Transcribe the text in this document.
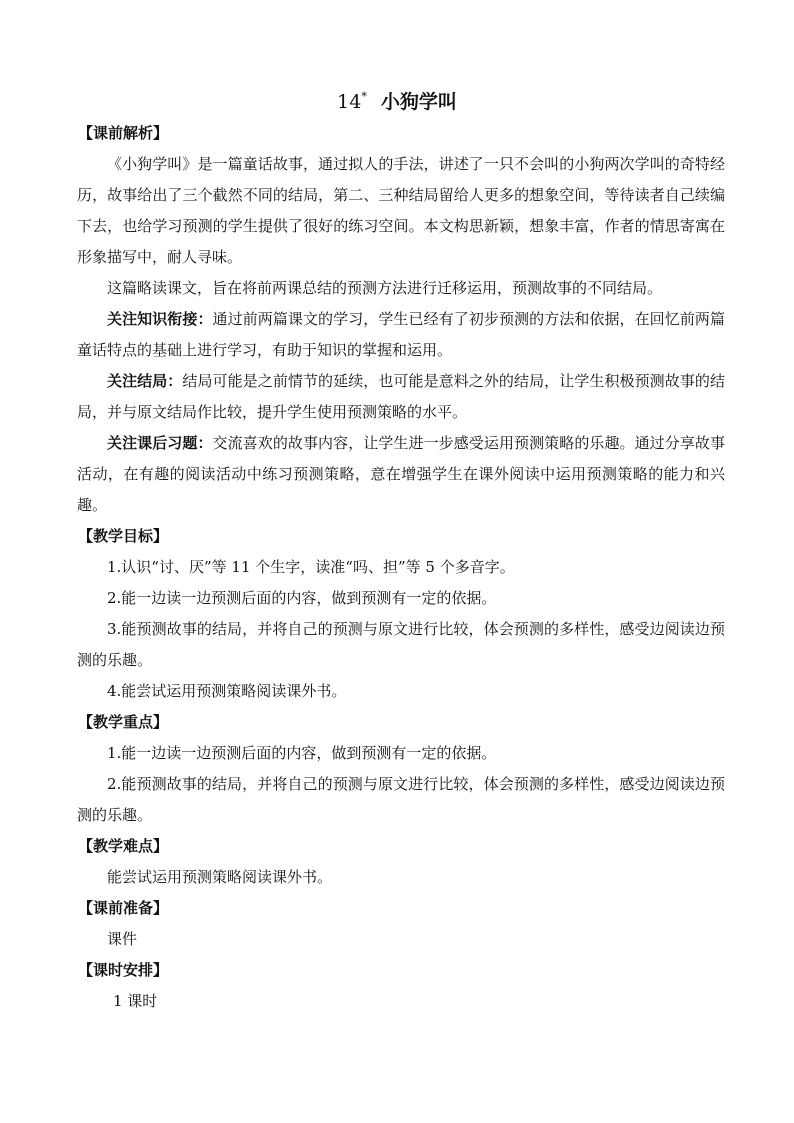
14* 小狗学叫

【课前解析】

《小狗学叫》是一篇童话故事，通过拟人的手法，讲述了一只不会叫的小狗两次学叫的奇特经历，故事给出了三个截然不同的结局，第二、三种结局留给人更多的想象空间，等待读者自己续编下去，也给学习预测的学生提供了很好的练习空间。本文构思新颖，想象丰富，作者的情思寄寓在形象描写中，耐人寻味。

这篇略读课文，旨在将前两课总结的预测方法进行迁移运用，预测故事的不同结局。

关注知识衔接：通过前两篇课文的学习，学生已经有了初步预测的方法和依据，在回忆前两篇童话特点的基础上进行学习，有助于知识的掌握和运用。

关注结局：结局可能是之前情节的延续，也可能是意料之外的结局，让学生积极预测故事的结局，并与原文结局作比较，提升学生使用预测策略的水平。

关注课后习题：交流喜欢的故事内容，让学生进一步感受运用预测策略的乐趣。通过分享故事活动，在有趣的阅读活动中练习预测策略，意在增强学生在课外阅读中运用预测策略的能力和兴趣。

【教学目标】

1.认识“讨、厌”等 11 个生字，读准“吗、担”等 5 个多音字。

2.能一边读一边预测后面的内容，做到预测有一定的依据。

3.能预测故事的结局，并将自己的预测与原文进行比较，体会预测的多样性，感受边阅读边预测的乐趣。

4.能尝试运用预测策略阅读课外书。

【教学重点】

1.能一边读一边预测后面的内容，做到预测有一定的依据。

2.能预测故事的结局，并将自己的预测与原文进行比较，体会预测的多样性，感受边阅读边预测的乐趣。

【教学难点】

能尝试运用预测策略阅读课外书。

【课前准备】

课件

【课时安排】

1 课时
